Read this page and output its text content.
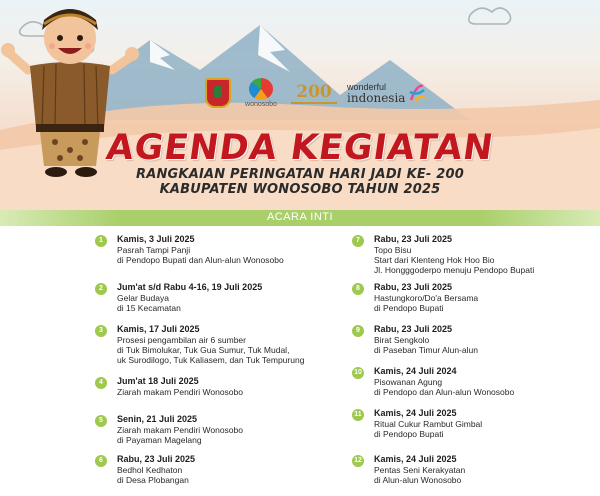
wonosobo
200	wonderful
indonesia
AGENDA KEGIATAN
RANGKAIAN PERINGATAN HARI JADI KE- 200
KABUPATEN WONOSOBO TAHUN 2025
ACARA INTI
1	Kamis, 3 Juli 2025
Pasrah Tampi Panji
di Pendopo Bupati dan Alun-alun Wonosobo
2	Jum'at s/d Rabu 4-16, 19 Juli 2025
Gelar Budaya
di 15 Kecamatan
3	Kamis, 17 Juli 2025
Prosesi pengambilan air 6 sumber
di Tuk Bimolukar, Tuk Gua Sumur, Tuk Mudal,
uk Surodilogo, Tuk Kaliasem, dan Tuk Tempurung
4	Jum'at 18 Juli 2025
Ziarah makam Pendiri Wonosobo
5	Senin, 21 Juli 2025
Ziarah makam Pendiri Wonosobo
di Payaman Magelang
6	Rabu, 23 Juli 2025
Bedhol Kedhaton
di Desa Plobangan
7	Rabu, 23 Juli 2025
Topo Bisu
Start dari Klenteng Hok Hoo Bio
Jl. Hongggoderpo menuju Pendopo Bupati
8	Rabu, 23 Juli 2025
Hastungkoro/Do'a Bersama
di Pendopo Bupati
9	Rabu, 23 Juli 2025
Birat Sengkolo
di Paseban Timur Alun-alun
10 Kamis, 24 Juli 2024
Pisowanan Agung
di Pendopo dan Alun-alun Wonosobo
11 Kamis, 24 Juli 2025
Ritual Cukur Rambut Gimbal
di Pendopo Bupati
12 Kamis, 24 Juli 2025
Pentas Seni Kerakyatan
di Alun-alun Wonosobo
